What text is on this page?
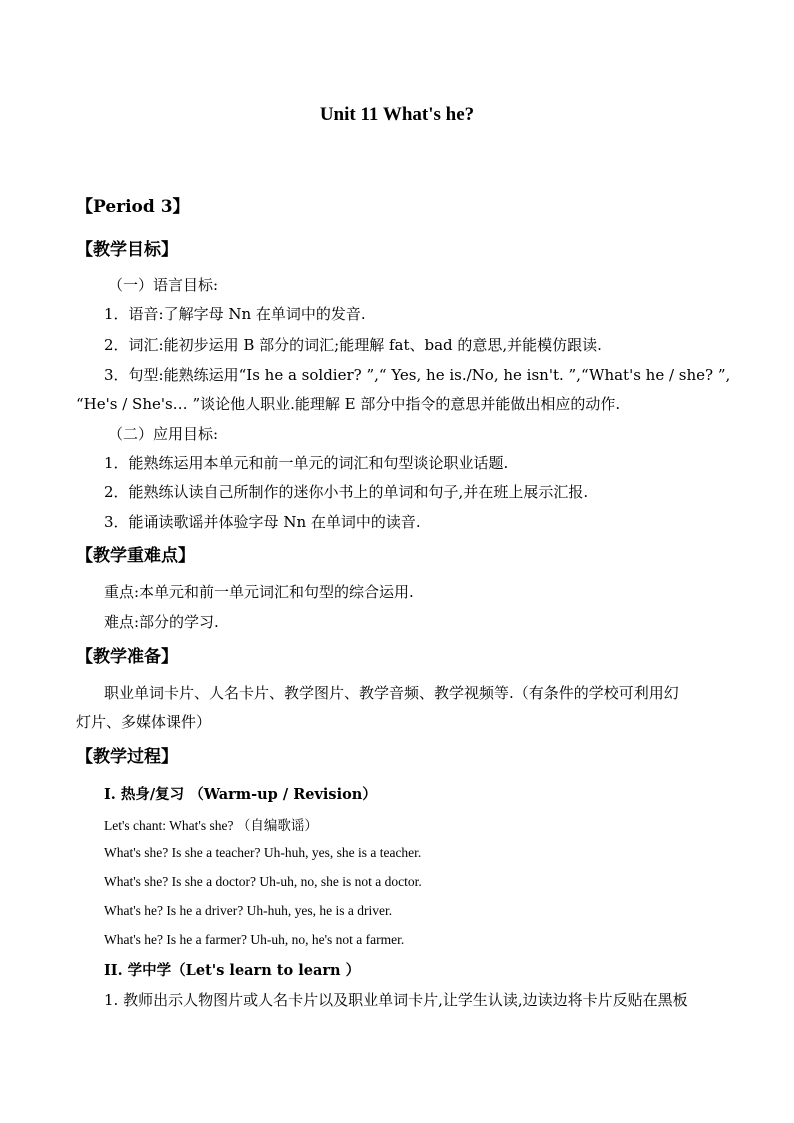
Unit 11 What's he?
【Period 3】
【教学目标】
（一）语言目标:
1．语音:了解字母 Nn 在单词中的发音.
2．词汇:能初步运用 B 部分的词汇;能理解 fat、bad 的意思,并能模仿跟读.
3．句型:能熟练运用“Is he a soldier? ”,“ Yes, he is./No, he isn't. ”,“What's he / she? ”,
“He's / She's… ”谈论他人职业.能理解 E 部分中指令的意思并能做出相应的动作.
（二）应用目标:
1．能熟练运用本单元和前一单元的词汇和句型谈论职业话题.
2．能熟练认读自己所制作的迷你小书上的单词和句子,并在班上展示汇报.
3．能诵读歌谣并体验字母 Nn 在单词中的读音.
【教学重难点】
重点:本单元和前一单元词汇和句型的综合运用.
难点:部分的学习.
【教学准备】
职业单词卡片、人名卡片、教学图片、教学音频、教学视频等.（有条件的学校可利用幻
灯片、多媒体课件）
【教学过程】
I. 热身/复习 （Warm-up / Revision）
Let's chant: What's she? （自编歌谣）
What's she? Is she a teacher? Uh-huh, yes, she is a teacher.
What's she? Is she a doctor? Uh-uh, no, she is not a doctor.
What's he? Is he a driver? Uh-huh, yes, he is a driver.
What's he? Is he a farmer? Uh-uh, no, he's not a farmer.
II. 学中学（Let's learn to learn ）
1. 教师出示人物图片或人名卡片以及职业单词卡片,让学生认读,边读边将卡片反贴在黑板
